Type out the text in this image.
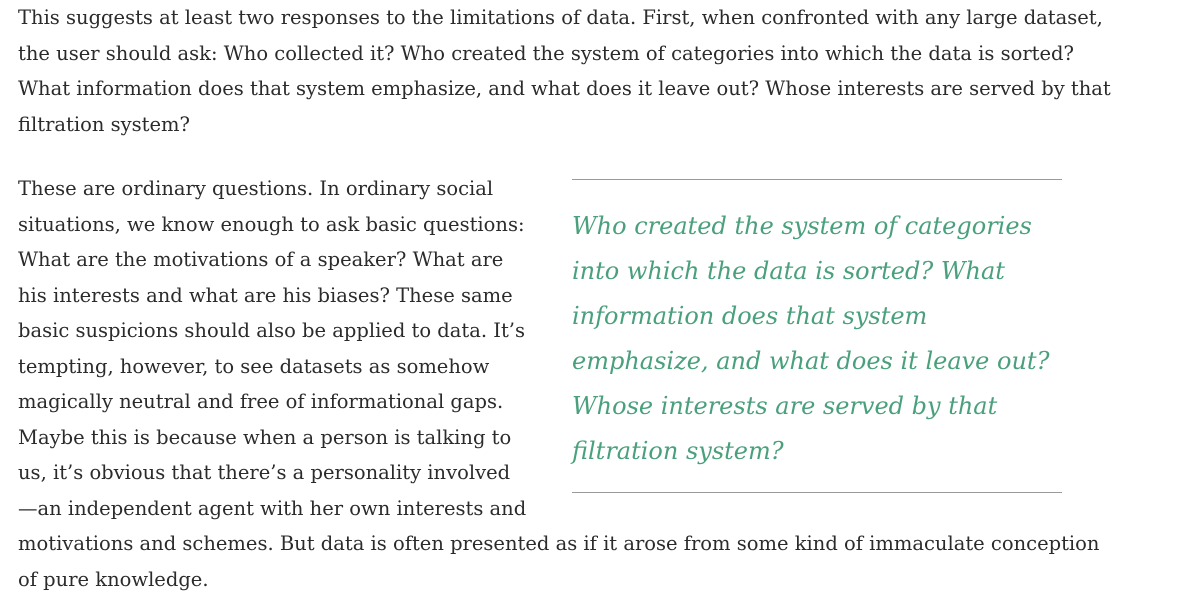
This suggests at least two responses to the limitations of data. First, when confronted with any large dataset, the user should ask: Who collected it? Who created the system of categories into which the data is sorted? What information does that system emphasize, and what does it leave out? Whose interests are served by that filtration system?

Who created the system of categories into which the data is sorted? What information does that system emphasize, and what does it leave out? Whose interests are served by that filtration system?
These are ordinary questions. In ordinary social situations, we know enough to ask basic questions: What are the motivations of a speaker? What are his interests and what are his biases? These same basic suspicions should also be applied to data. It’s tempting, however, to see datasets as somehow magically neutral and free of informational gaps. Maybe this is because when a person is talking to us, it’s obvious that there’s a personality involved —an independent agent with her own interests and motivations and schemes. But data is often presented as if it arose from some kind of immaculate conception of pure knowledge.
